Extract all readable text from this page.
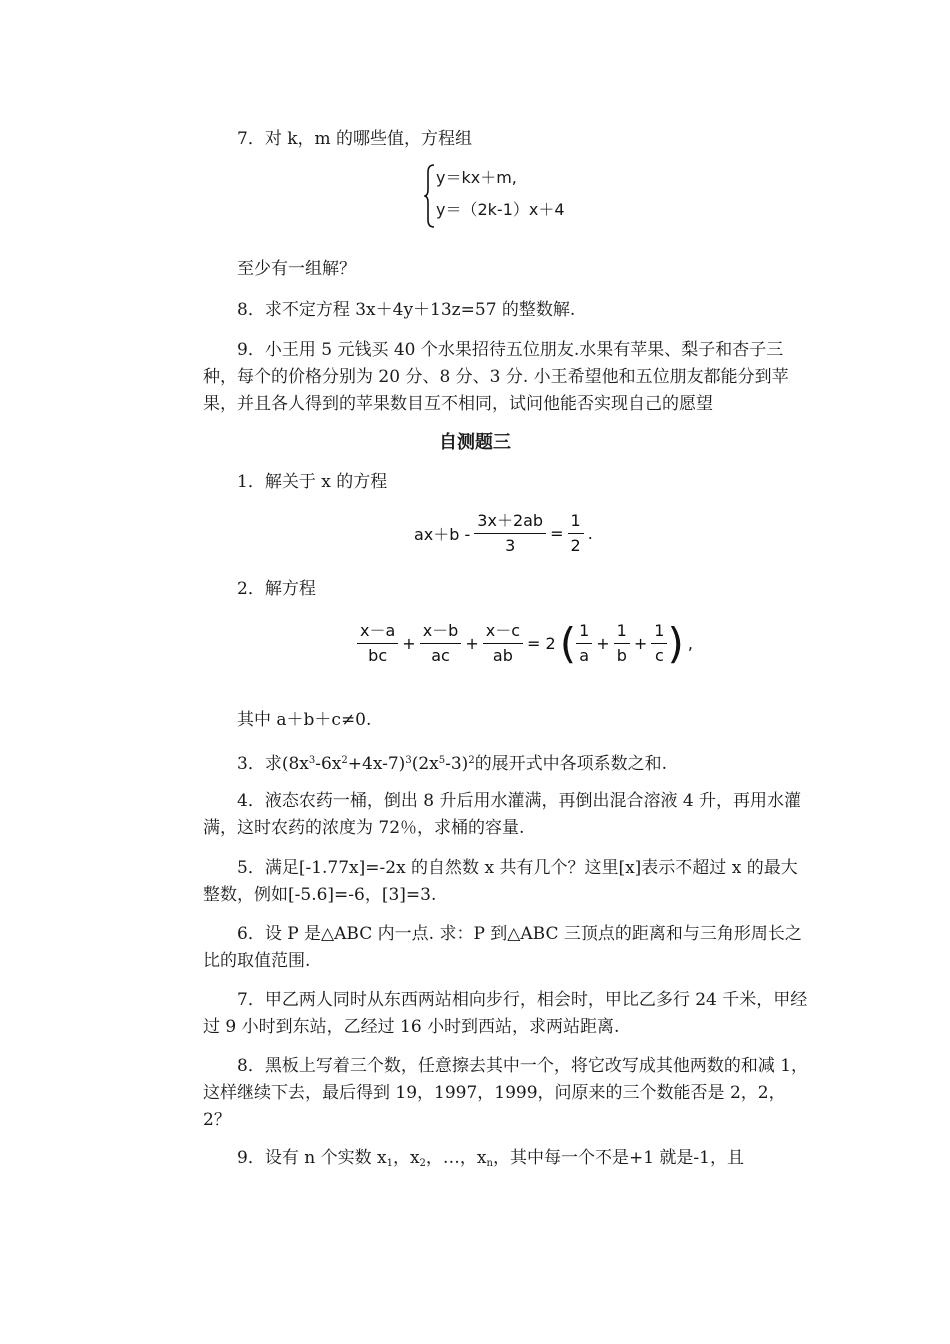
7．对 k，m 的哪些值，方程组

y＝kx＋m,
y＝（2k-1）x＋4

至少有一组解？

8．求不定方程 3x＋4y＋13z=57 的整数解.

9．小王用 5 元钱买 40 个水果招待五位朋友.水果有苹果、梨子和杏子三种，每个的价格分别为 20 分、8 分、3 分. 小王希望他和五位朋友都能分到苹果，并且各人得到的苹果数目互不相同，试问他能否实现自己的愿望

自测题三

1．解关于 x 的方程

$ax+b - \frac{3x+2ab}{3} = \frac{1}{2}$ .

2．解方程

$\frac{x-a}{bc} + \frac{x-b}{ac} + \frac{x-c}{ab} = 2( \frac{1}{a} + \frac{1}{b} + \frac{1}{c}$ ) ,

其中 a＋b＋c≠0.

3．求$(8x^3-6x^2+4x-7)^3(2x^5-3)^2$的展开式中各项系数之和.

4．液态农药一桶，倒出 8 升后用水灌满，再倒出混合溶液 4 升，再用水灌满，这时农药的浓度为 72％，求桶的容量.

5．满足[-1.77x]=-2x 的自然数 x 共有几个？这里[x]表示不超过 x 的最大整数，例如[-5.6]=-6，[3]=3.

6．设 P 是△ABC 内一点. 求：P 到△ABC 三顶点的距离和与三角形周长之比的取值范围.

7．甲乙两人同时从东西两站相向步行，相会时，甲比乙多行 24 千米，甲经过 9 小时到东站，乙经过 16 小时到西站，求两站距离.

8．黑板上写着三个数，任意擦去其中一个，将它改写成其他两数的和减 1，这样继续下去，最后得到 19，1997，1999，问原来的三个数能否是 2，2，2？

9．设有 n 个实数 $x_1$，$x_2$，…，$x_n$，其中每一个不是+1 就是-1，且
